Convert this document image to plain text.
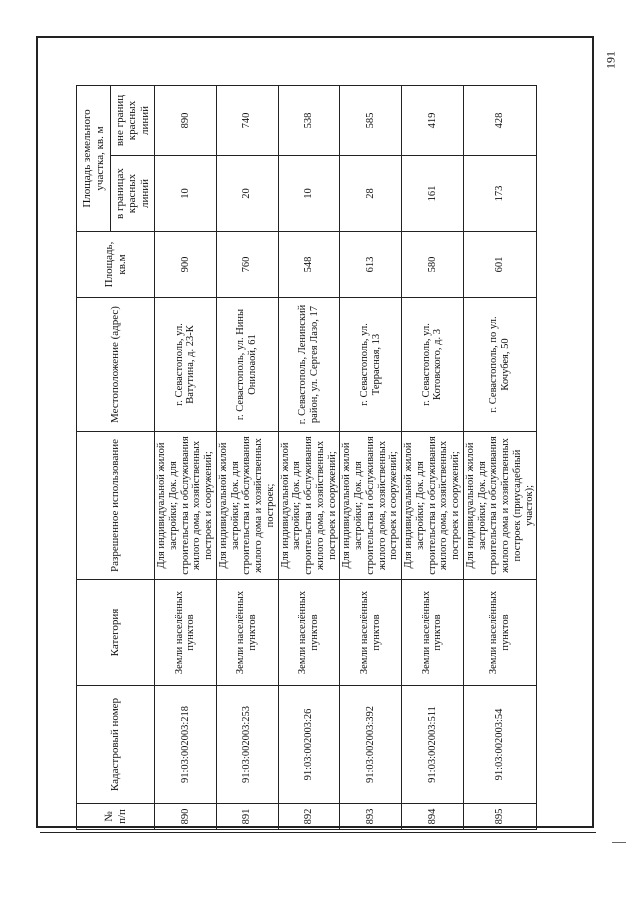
191
№ п/п	Кадастровый номер	Категория	Разрешенное использование	Местоположение (адрес)	Площадь, кв.м	Площадь земельного участка, кв. м	
						в границах красных линий	вне границ красных линий
890	91:03:002003:218	Земли населённых пунктов	Для индивидуальной жилой застройки; Док. для строительства и обслуживания жилого дома, хозяйственных построек и сооружений;	г. Севастополь, ул. Ватутина, д. 23-К	900	10	890
891	91:03:002003:253	Земли населённых пунктов	Для индивидуальной жилой застройки; Док. для строительства и обслуживания жилого дома и хозяйственных построек;	г. Севастополь, ул. Нины Онилоаой, 61	760	20	740
892	91:03:002003:26	Земли населённых пунктов	Для индивидуальной жилой застройки; Док. для строительства и обслуживания жилого дома, хозяйственных построек и сооружений;	г. Севастополь, Ленинский район, ул. Сергея Лазо, 17	548	10	538
893	91:03:002003:392	Земли населённых пунктов	Для индивидуальной жилой застройки; Док. для строительства и обслуживания жилого дома, хозяйственных построек и сооружений;	г. Севастополь, ул. Террасная, 13	613	28	585
894	91:03:002003:511	Земли населённых пунктов	Для индивидуальной жилой застройки; Док. для строительства и обслуживания жилого дома, хозяйственных построек и сооружений;	г. Севастополь, ул. Котовского, д. 3	580	161	419
895	91:03:002003:54	Земли населённых пунктов	Для индивидуальной жилой застройки; Док. для строительства и обслуживания жилого дома и хозяйственных построек (приусадебный участок);	г. Севастополь, по ул. Кочубея, 50	601	173	428
